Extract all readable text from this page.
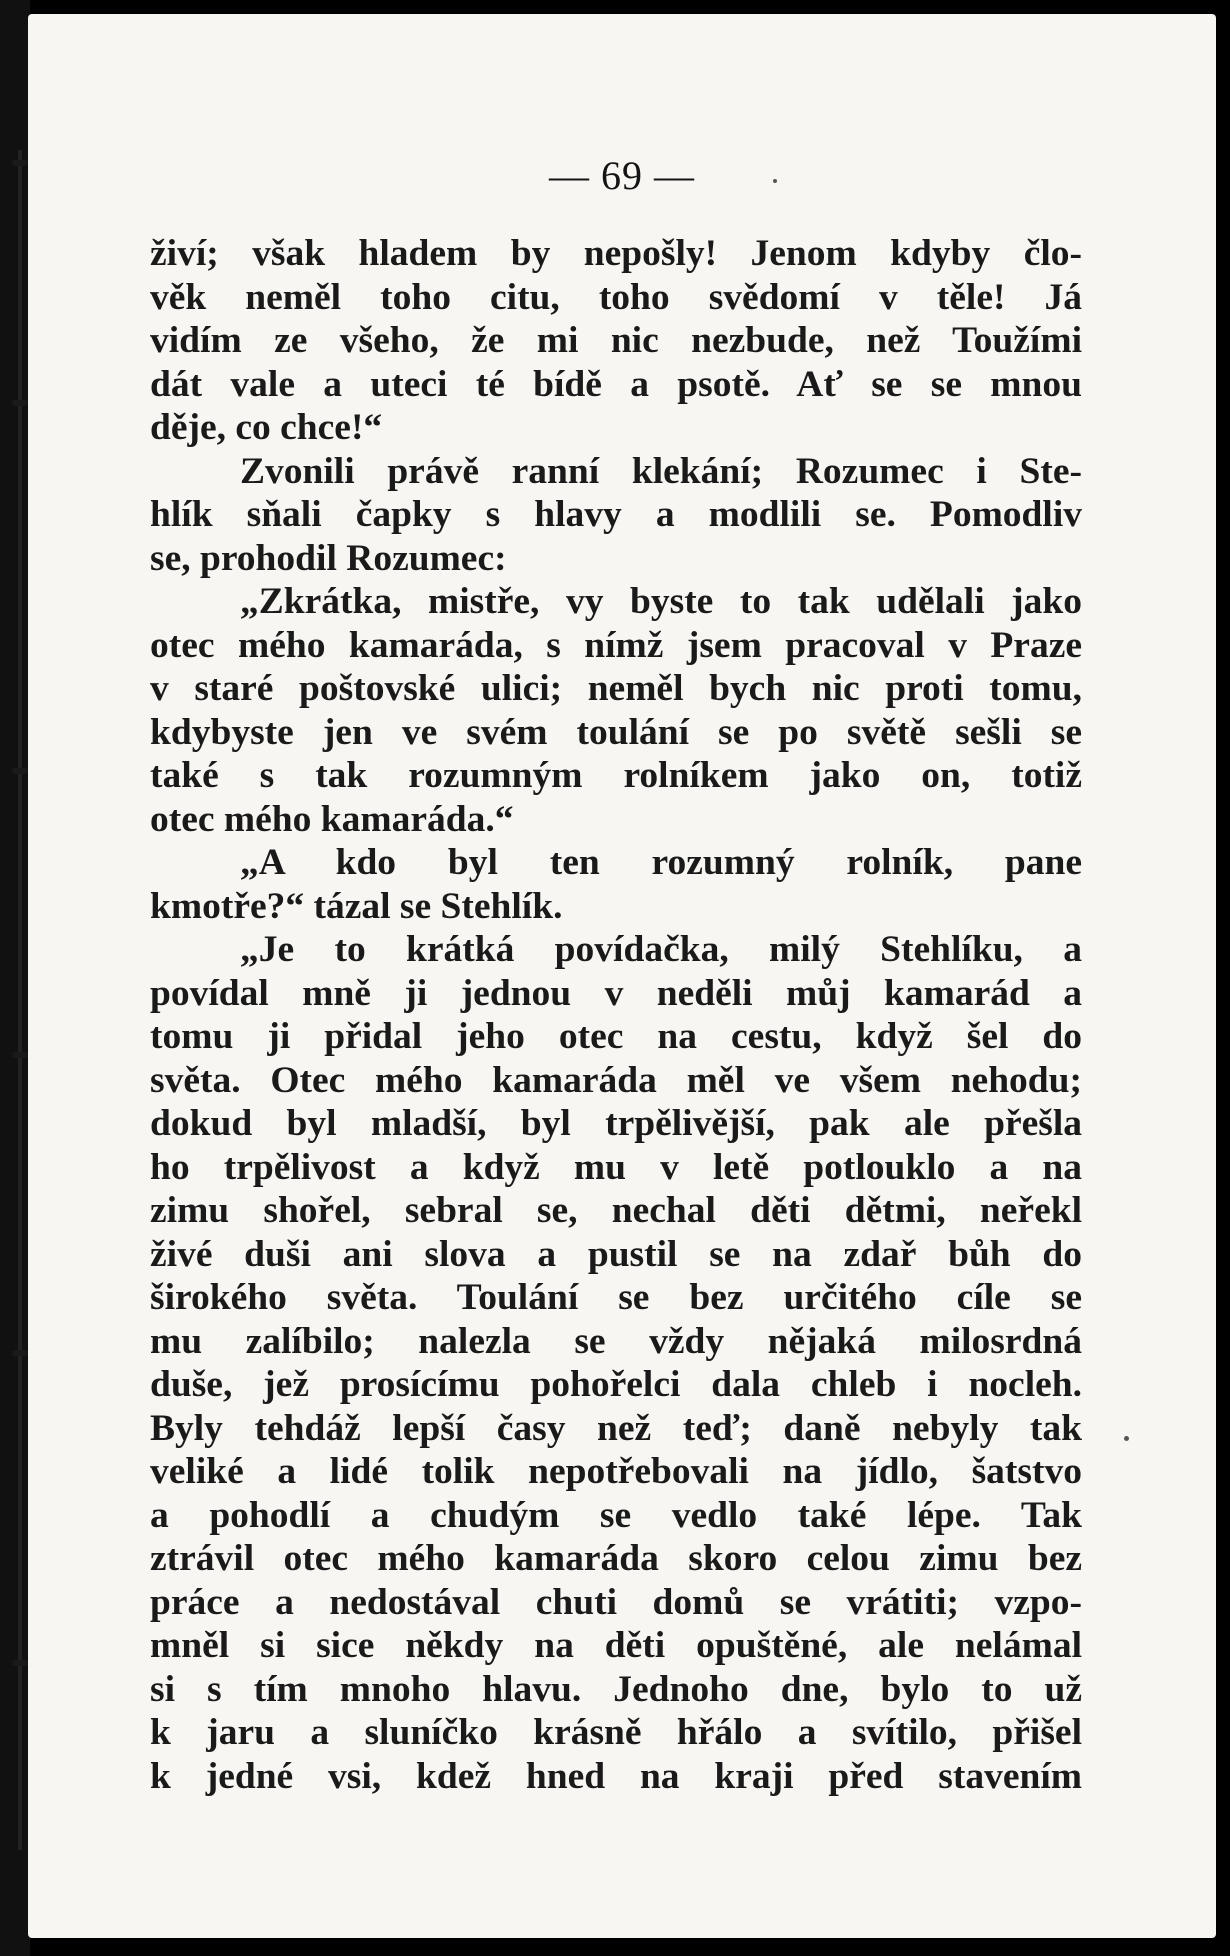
— 69 —
živí; však hladem by nepošly! Jenom kdyby člo-
věk neměl toho citu, toho svědomí v těle! Já
vidím ze všeho, že mi nic nezbude, než Toužími
dát vale a uteci té bídě a psotě. Ať se se mnou
děje, co chce!“
Zvonili právě ranní klekání; Rozumec i Ste-
hlík sňali čapky s hlavy a modlili se. Pomodliv
se, prohodil Rozumec:
„Zkrátka, mistře, vy byste to tak udělali jako
otec mého kamaráda, s nímž jsem pracoval v Praze
v staré poštovské ulici; neměl bych nic proti tomu,
kdybyste jen ve svém toulání se po světě sešli se
také s tak rozumným rolníkem jako on, totiž
otec mého kamaráda.“
„A kdo byl ten rozumný rolník, pane
kmotře?“ tázal se Stehlík.
„Je to krátká povídačka, milý Stehlíku, a
povídal mně ji jednou v neděli můj kamarád a
tomu ji přidal jeho otec na cestu, když šel do
světa. Otec mého kamaráda měl ve všem nehodu;
dokud byl mladší, byl trpělivější, pak ale přešla
ho trpělivost a když mu v letě potlouklo a na
zimu shořel, sebral se, nechal děti dětmi, neřekl
živé duši ani slova a pustil se na zdař bůh do
širokého světa. Toulání se bez určitého cíle se
mu zalíbilo; nalezla se vždy nějaká milosrdná
duše, jež prosícímu pohořelci dala chleb i nocleh.
Byly tehdáž lepší časy než teď; daně nebyly tak
veliké a lidé tolik nepotřebovali na jídlo, šatstvo
a pohodlí a chudým se vedlo také lépe. Tak
ztrávil otec mého kamaráda skoro celou zimu bez
práce a nedostával chuti domů se vrátiti; vzpo-
mněl si sice někdy na děti opuštěné, ale nelámal
si s tím mnoho hlavu. Jednoho dne, bylo to už
k jaru a sluníčko krásně hřálo a svítilo, přišel
k jedné vsi, kdež hned na kraji před stavením
